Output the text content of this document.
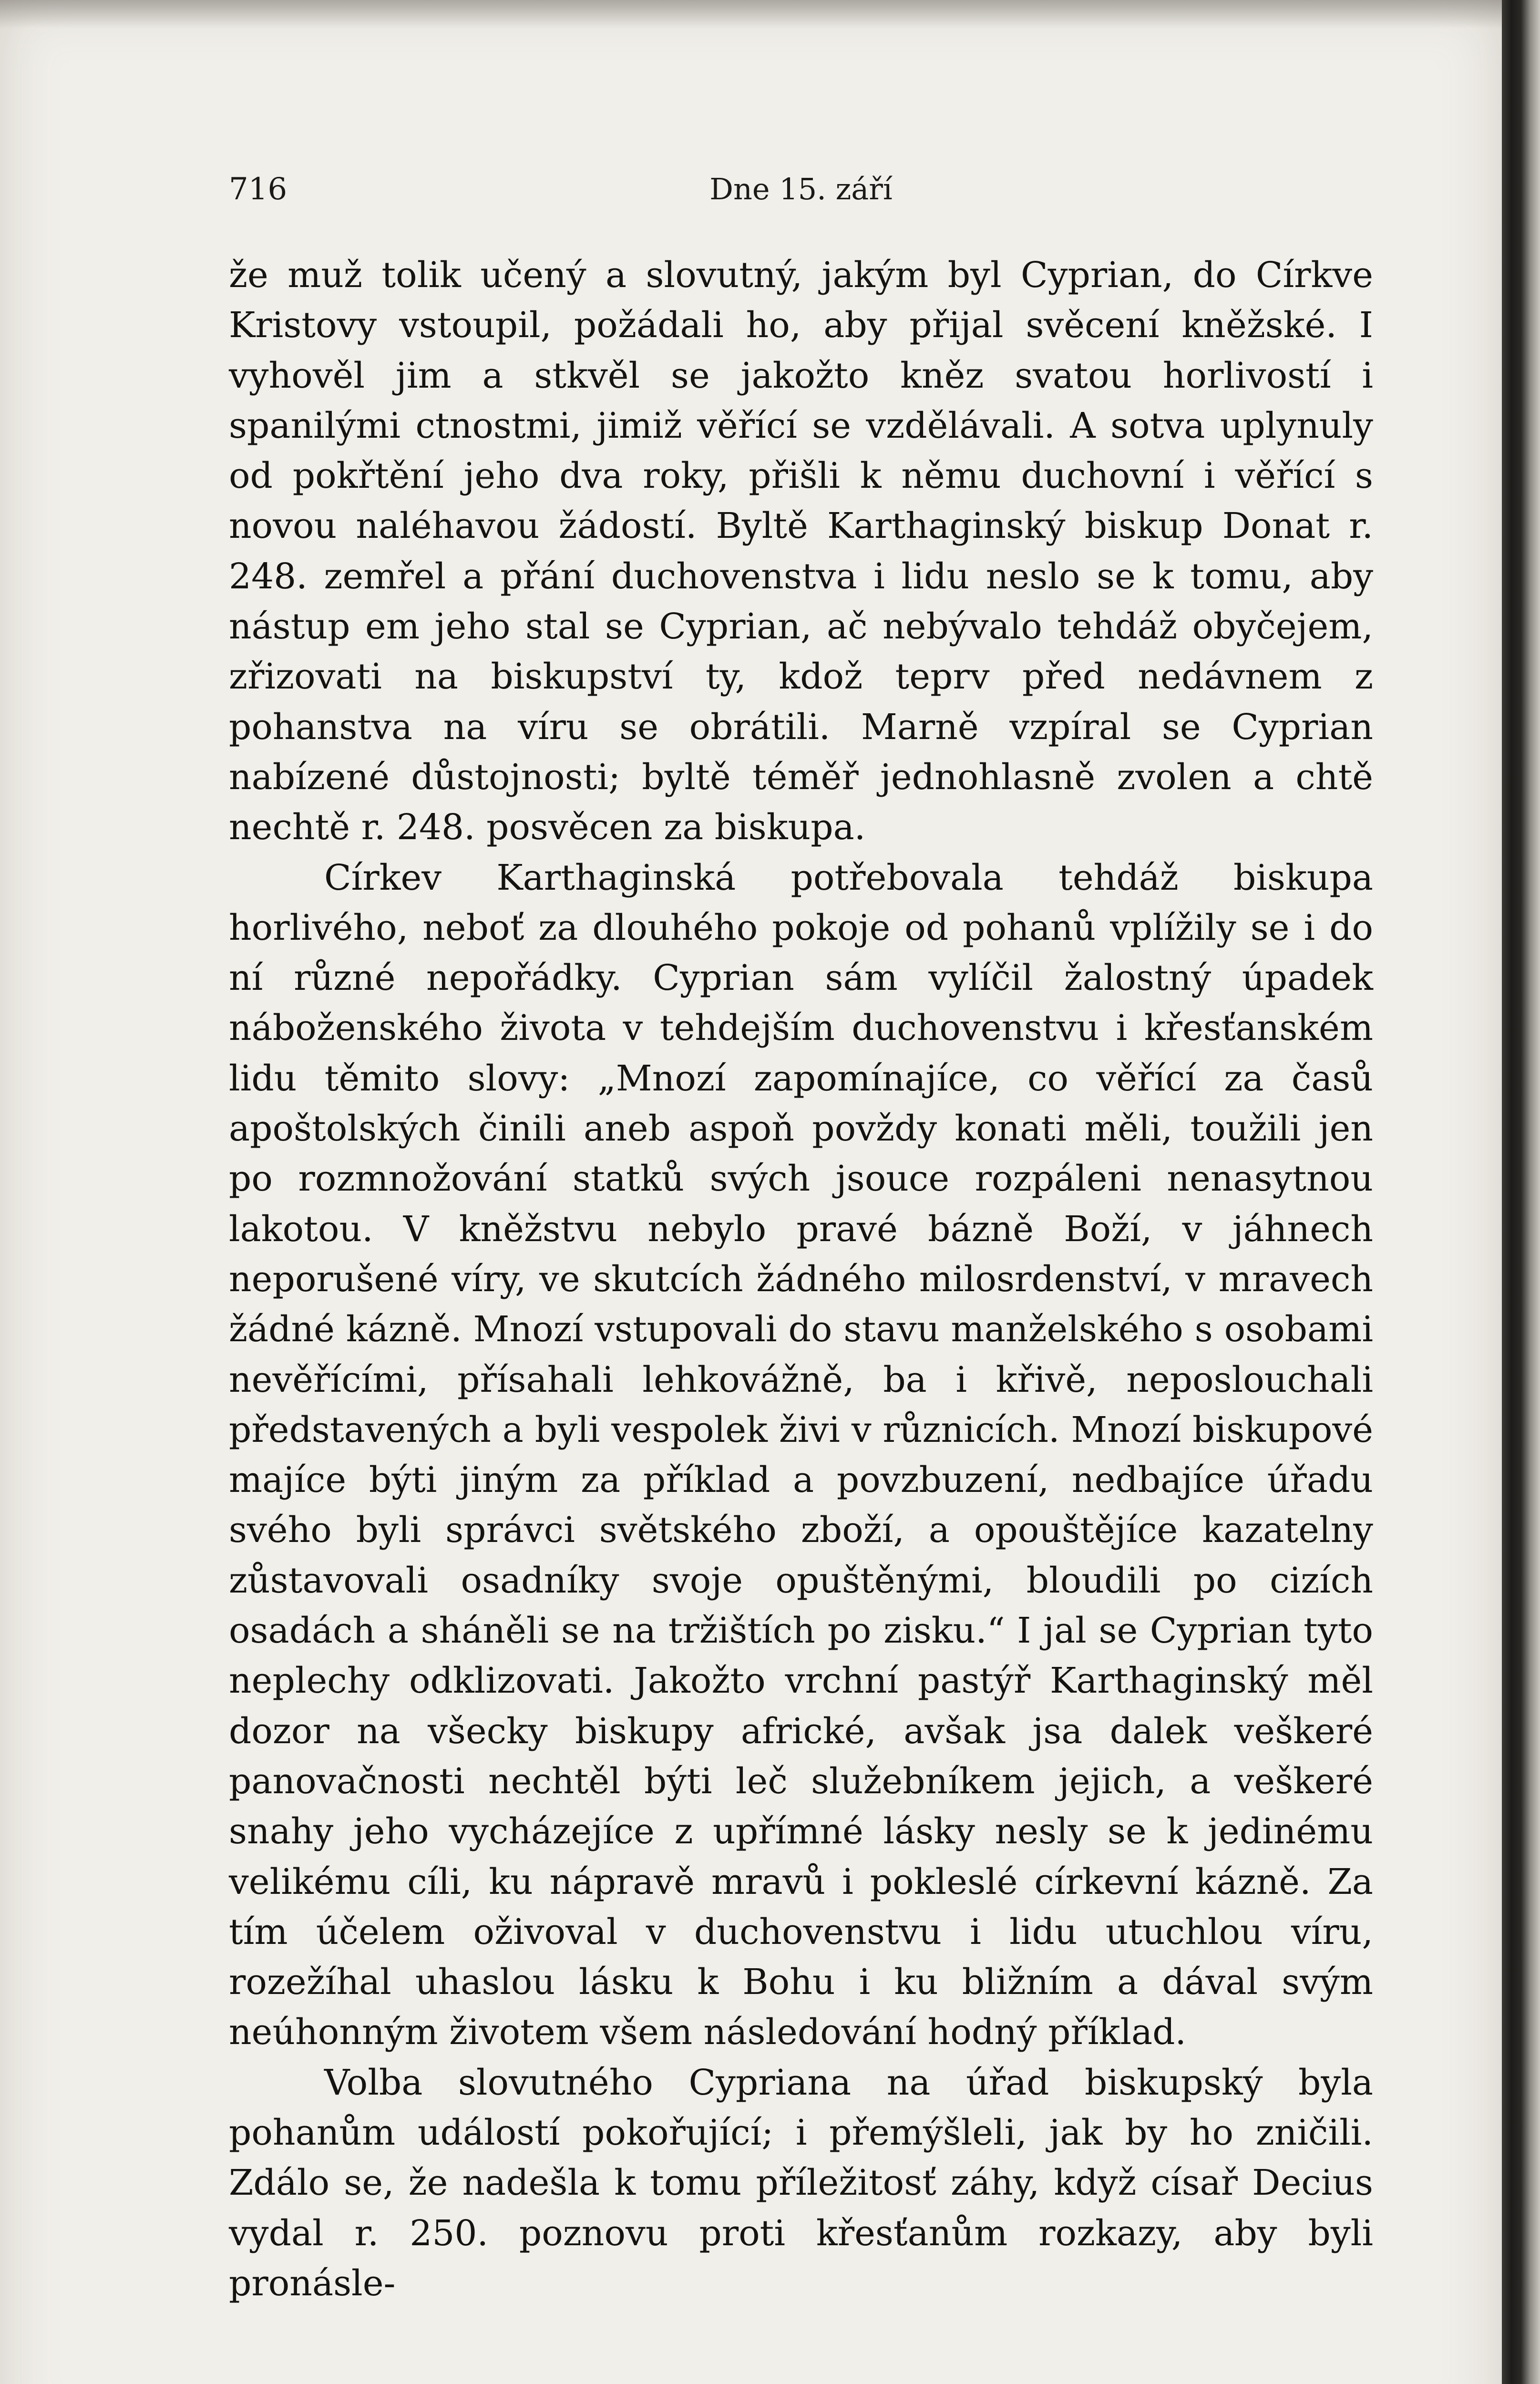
716	Dne 15. září

že muž tolik učený a slovutný, jakým byl Cyprian, do Církve Kristovy vstoupil, požádali ho, aby přijal svěcení kněžské. I vyhověl jim a stkvěl se jakožto kněz svatou horlivostí i spanilými ctnostmi, jimiž věřící se vzdělávali. A sotva uplynuly od pokřtění jeho dva roky, přišli k němu duchovní i věřící s novou naléhavou žádostí. Byltě Karthaginský biskup Donat r. 248. zemřel a přání duchovenstva i lidu neslo se k tomu, aby nástup em jeho stal se Cyprian, ač nebývalo tehdáž obyčejem, zřizovati na biskupství ty, kdož teprv před nedávnem z pohanstva na víru se obrátili. Marně vzpíral se Cyprian nabízené důstojnosti; byltě téměř jednohlasně zvolen a chtě nechtě r. 248. posvěcen za biskupa.

Církev Karthaginská potřebovala tehdáž biskupa horlivého, neboť za dlouhého pokoje od pohanů vplížily se i do ní různé nepořádky. Cyprian sám vylíčil žalostný úpadek náboženského života v tehdejším duchovenstvu i křesťanském lidu těmito slovy: „Mnozí zapomínajíce, co věřící za časů apoštolských činili aneb aspoň povždy konati měli, toužili jen po rozmnožování statků svých jsouce rozpáleni nenasytnou lakotou. V kněžstvu nebylo pravé bázně Boží, v jáhnech neporušené víry, ve skutcích žádného milosrdenství, v mravech žádné kázně. Mnozí vstupovali do stavu manželského s osobami nevěřícími, přísahali lehkovážně, ba i křivě, neposlouchali představených a byli vespolek živi v různicích. Mnozí biskupové majíce býti jiným za příklad a povzbuzení, nedbajíce úřadu svého byli správci světského zboží, a opouštějíce kazatelny zůstavovali osadníky svoje opuštěnými, bloudili po cizích osadách a sháněli se na tržištích po zisku.“ I jal se Cyprian tyto neplechy odklizovati. Jakožto vrchní pastýř Karthaginský měl dozor na všecky biskupy africké, avšak jsa dalek veškeré panovačnosti nechtěl býti leč služebníkem jejich, a veškeré snahy jeho vycházejíce z upřímné lásky nesly se k jedinému velikému cíli, ku nápravě mravů i pokleslé církevní kázně. Za tím účelem oživoval v duchovenstvu i lidu utuchlou víru, rozežíhal uhaslou lásku k Bohu i ku bližním a dával svým neúhonným životem všem následování hodný příklad.

Volba slovutného Cypriana na úřad biskupský byla pohanům událostí pokořující; i přemýšleli, jak by ho zničili. Zdálo se, že nadešla k tomu příležitosť záhy, když císař Decius vydal r. 250. poznovu proti křesťanům rozkazy, aby byli pronásle-
